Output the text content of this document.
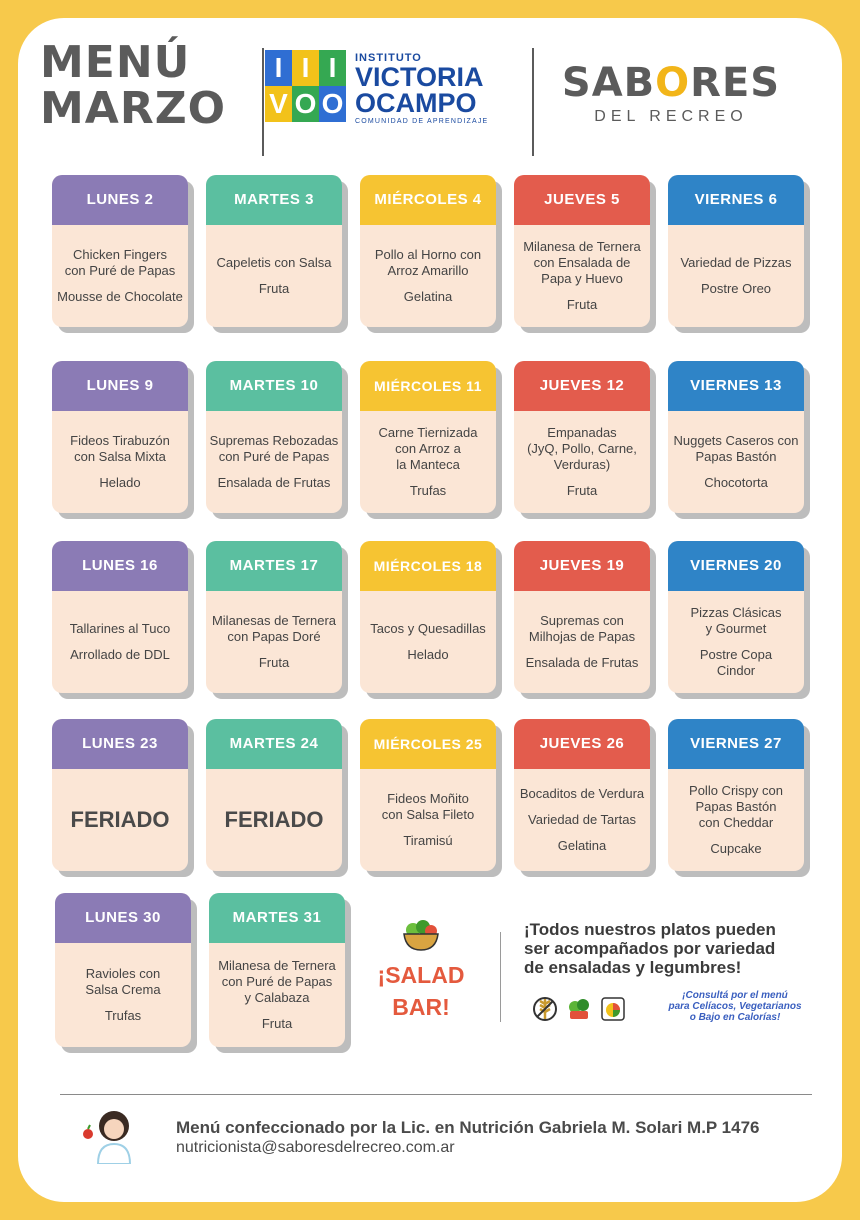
MENÚ
MARZO
I I I
V O O
INSTITUTO
VICTORIA
OCAMPO
COMUNIDAD DE APRENDIZAJE
SABORES
DEL RECREO
LUNES 2
Chicken Fingers
con Puré de Papas
Mousse de Chocolate
MARTES 3
Capeletis con Salsa
Fruta
MIÉRCOLES 4
Pollo al Horno con
Arroz Amarillo
Gelatina
JUEVES 5
Milanesa de Ternera
con Ensalada de
Papa y Huevo
Fruta
VIERNES 6
Variedad de Pizzas
Postre Oreo
LUNES 9
Fideos Tirabuzón
con Salsa Mixta
Helado
MARTES 10
Supremas Rebozadas
con Puré de Papas
Ensalada de Frutas
MIÉRCOLES 11
Carne Tiernizada
con Arroz a
la Manteca
Trufas
JUEVES 12
Empanadas
(JyQ, Pollo, Carne,
Verduras)
Fruta
VIERNES 13
Nuggets Caseros con
Papas Bastón
Chocotorta
LUNES 16
Tallarines al Tuco
Arrollado de DDL
MARTES 17
Milanesas de Ternera
con Papas Doré
Fruta
MIÉRCOLES 18
Tacos y Quesadillas
Helado
JUEVES 19
Supremas con
Milhojas de Papas
Ensalada de Frutas
VIERNES 20
Pizzas Clásicas
y Gourmet
Postre Copa
Cindor
LUNES 23
FERIADO
MARTES 24
FERIADO
MIÉRCOLES 25
Fideos Moñito
con Salsa Fileto
Tiramisú
JUEVES 26
Bocaditos de Verdura
Variedad de Tartas
Gelatina
VIERNES 27
Pollo Crispy con
Papas Bastón
con Cheddar
Cupcake
LUNES 30
Ravioles con
Salsa Crema
Trufas
MARTES 31
Milanesa de Ternera
con Puré de Papas
y Calabaza
Fruta
¡SALAD
BAR!
¡Todos nuestros platos pueden
ser acompañados por variedad
de ensaladas y legumbres!
¡Consultá por el menú
para Celíacos, Vegetarianos
o Bajo en Calorías!
Menú confeccionado por la Lic. en Nutrición Gabriela M. Solari M.P 1476
nutricionista@saboresdelrecreo.com.ar
